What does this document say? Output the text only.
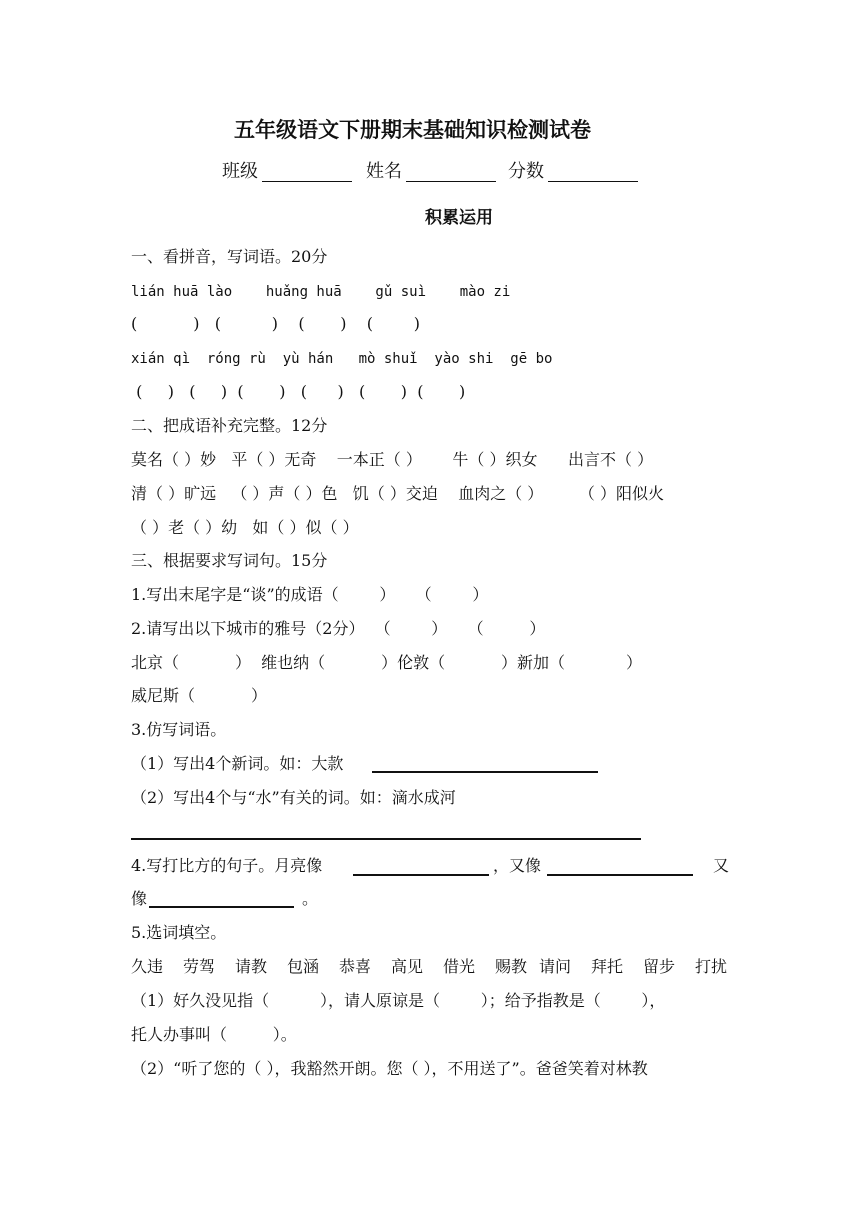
五年级语文下册期末基础知识检测试卷
班级	姓名	分数
积累运用
一、看拼音，写词语。20分
lián huā lào    huǎng huā    gǔ suì    mào zi
(           )   (          )    (       )    (        )
xián qì  róng rù  yù hán   mò shuǐ  yào shi  gē bo
(     )   (     )  (       )   (      )   (       )  (       )
二、把成语补充完整。12分
莫名（ ）妙   平（ ）无奇    一本正（ ）      牛（ ）织女      出言不（ ）
清（ ）旷远   （ ）声（ ）色   饥（ ）交迫    血肉之（ ）       （ ）阳似火
（ ）老（ ）幼   如（ ）似（ ）
三、根据要求写词句。15分
1.写出末尾字是“谈”的成语（        ）    （        ）
2.请写出以下城市的雅号（2分）  （        ）    （         ）
北京（           ）  维也纳（           ）伦敦（           ）新加（            ）
威尼斯（           ）
3.仿写词语。
（1）写出4个新词。如：大款
（2）写出4个与“水”有关的词。如：滴水成河
4.写打比方的句子。月亮像	，又像	又
像	。
5.选词填空。
久违 劳驾 请教 包涵 恭喜 高见 借光 赐教 请问 拜托 留步 打扰
（1）好久没见指（          ），请人原谅是（        ）；给予指教是（        ），
托人办事叫（         ）。
（2）“听了您的（ ），我豁然开朗。您（ ），不用送了”。爸爸笑着对林教
